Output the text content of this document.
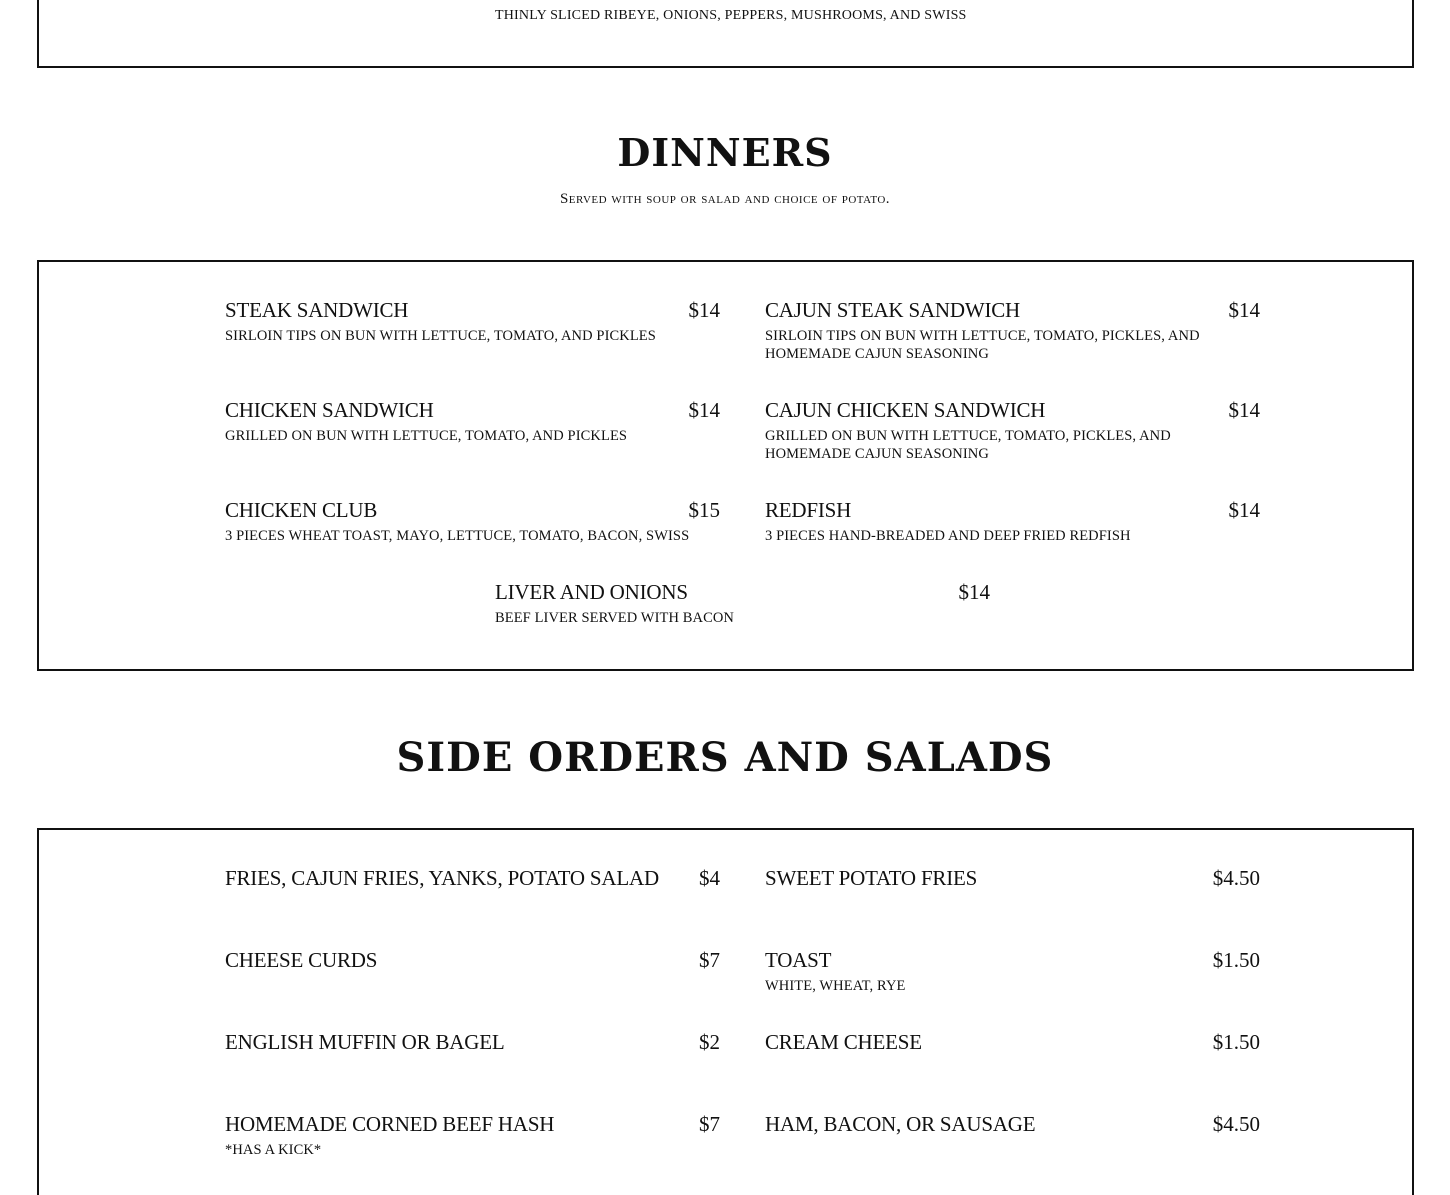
THINLY SLICED RIBEYE, ONIONS, PEPPERS, MUSHROOMS, AND SWISS
DINNERS
Served with soup or salad and choice of potato.
STEAK SANDWICH	$14
SIRLOIN TIPS ON BUN WITH LETTUCE, TOMATO, AND PICKLES
CAJUN STEAK SANDWICH	$14
SIRLOIN TIPS ON BUN WITH LETTUCE, TOMATO, PICKLES, AND HOMEMADE CAJUN SEASONING
CHICKEN SANDWICH	$14
GRILLED ON BUN WITH LETTUCE, TOMATO, AND PICKLES
CAJUN CHICKEN SANDWICH	$14
GRILLED ON BUN WITH LETTUCE, TOMATO, PICKLES, AND HOMEMADE CAJUN SEASONING
CHICKEN CLUB	$15
3 PIECES WHEAT TOAST, MAYO, LETTUCE, TOMATO, BACON, SWISS
REDFISH	$14
3 PIECES HAND-BREADED AND DEEP FRIED REDFISH
LIVER AND ONIONS	$14
BEEF LIVER SERVED WITH BACON
SIDE ORDERS AND SALADS
FRIES, CAJUN FRIES, YANKS, POTATO SALAD $4 SWEET POTATO FRIES	$4.50
CHEESE CURDS	$7 TOAST	$1.50
WHITE, WHEAT, RYE
ENGLISH MUFFIN OR BAGEL	$2 CREAM CHEESE	$1.50
HOMEMADE CORNED BEEF HASH	$7
*HAS A KICK*
HAM, BACON, OR SAUSAGE	$4.50
